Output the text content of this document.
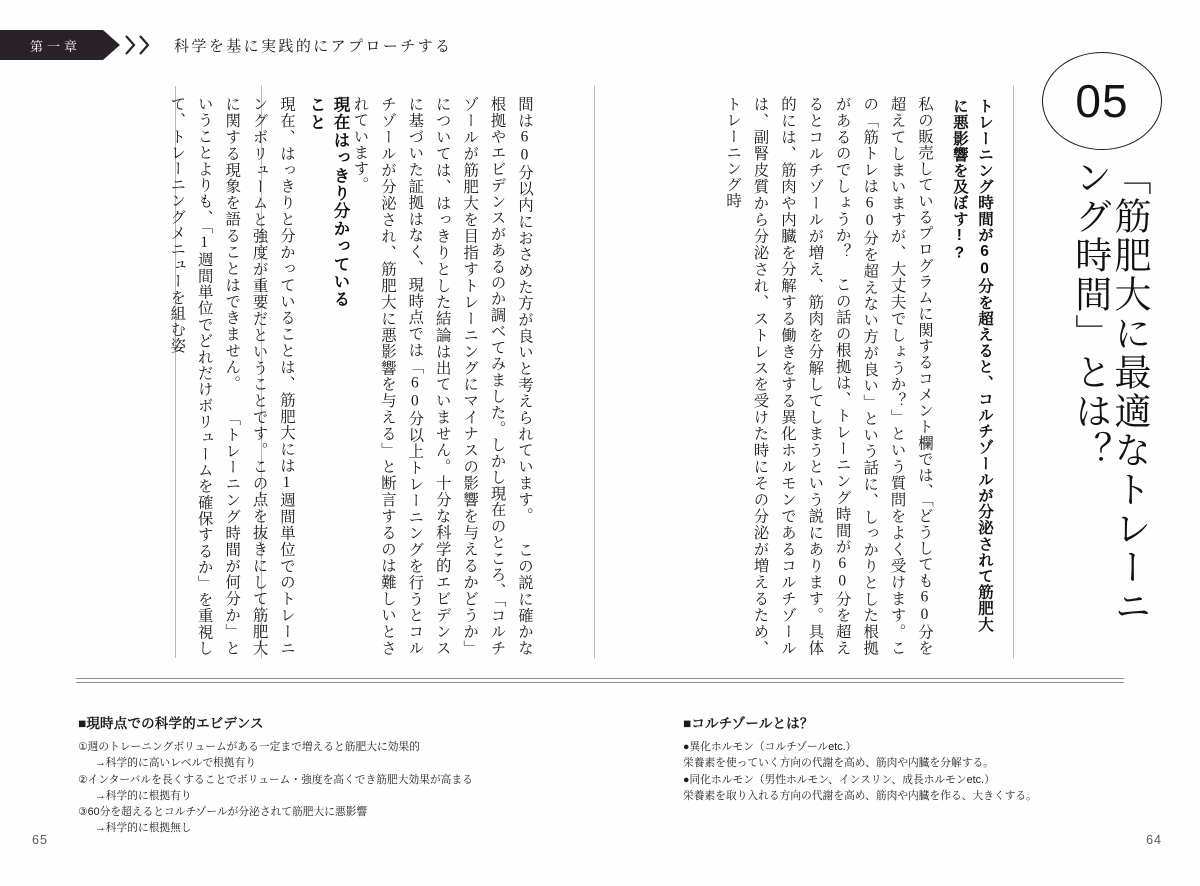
第一章	科学を基に実践的にアプローチする
05
「筋肥大に最適なトレーニング時間」とは？
トレーニング時間が60分を超えると、コルチゾールが分泌されて筋肥大に悪影響を及ぼす!?
私の販売しているプログラムに関するコメント欄では、「どうしても60分を超えてしまいますが、大丈夫でしょうか？」という質問をよく受けます。この「筋トレは60分を超えない方が良い」という話に、しっかりとした根拠があるのでしょうか？　この話の根拠は、トレーニング時間が60分を超えるとコルチゾールが増え、筋肉を分解してしまうという説にあります。具体的には、筋肉や内臓を分解する働きをする異化ホルモンであるコルチゾールは、副腎皮質から分泌され、ストレスを受けた時にその分泌が増えるため、トレーニング時
間は60分以内におさめた方が良いと考えられています。 この説に確かな根拠やエビデンスがあるのか調べてみました。しかし現在のところ、「コルチゾールが筋肥大を目指すトレーニングにマイナスの影響を与えるかどうか」については、はっきりとした結論は出ていません。十分な科学的エビデンスに基づいた証拠はなく、現時点では「60分以上トレーニングを行うとコルチゾールが分泌され、筋肥大に悪影響を与える」と断言するのは難しいとされています。
現在はっきり分かっていること
現在、はっきりと分かっていることは、筋肥大には1週間単位でのトレーニングボリュームと強度が重要だということです。この点を抜きにして筋肥大に関する現象を語ることはできません。 「トレーニング時間が何分か」ということよりも、「1週間単位でどれだけボリュームを確保するか」を重視して、トレーニングメニューを組む姿
■現時点での科学的エビデンス
①週のトレーニングボリュームがある一定まで増えると筋肥大に効果的
→科学的に高いレベルで根拠有り
②インターバルを長くすることでボリューム・強度を高くでき筋肥大効果が高まる
→科学的に根拠有り
③60分を超えるとコルチゾールが分泌されて筋肥大に悪影響
→科学的に根拠無し
■コルチゾールとは？
●異化ホルモン（コルチゾールetc.）
栄養素を使っていく方向の代謝を高め、筋肉や内臓を分解する。
●同化ホルモン（男性ホルモン、インスリン、成長ホルモンetc.）
栄養素を取り入れる方向の代謝を高め、筋肉や内臓を作る、大きくする。
65	64
